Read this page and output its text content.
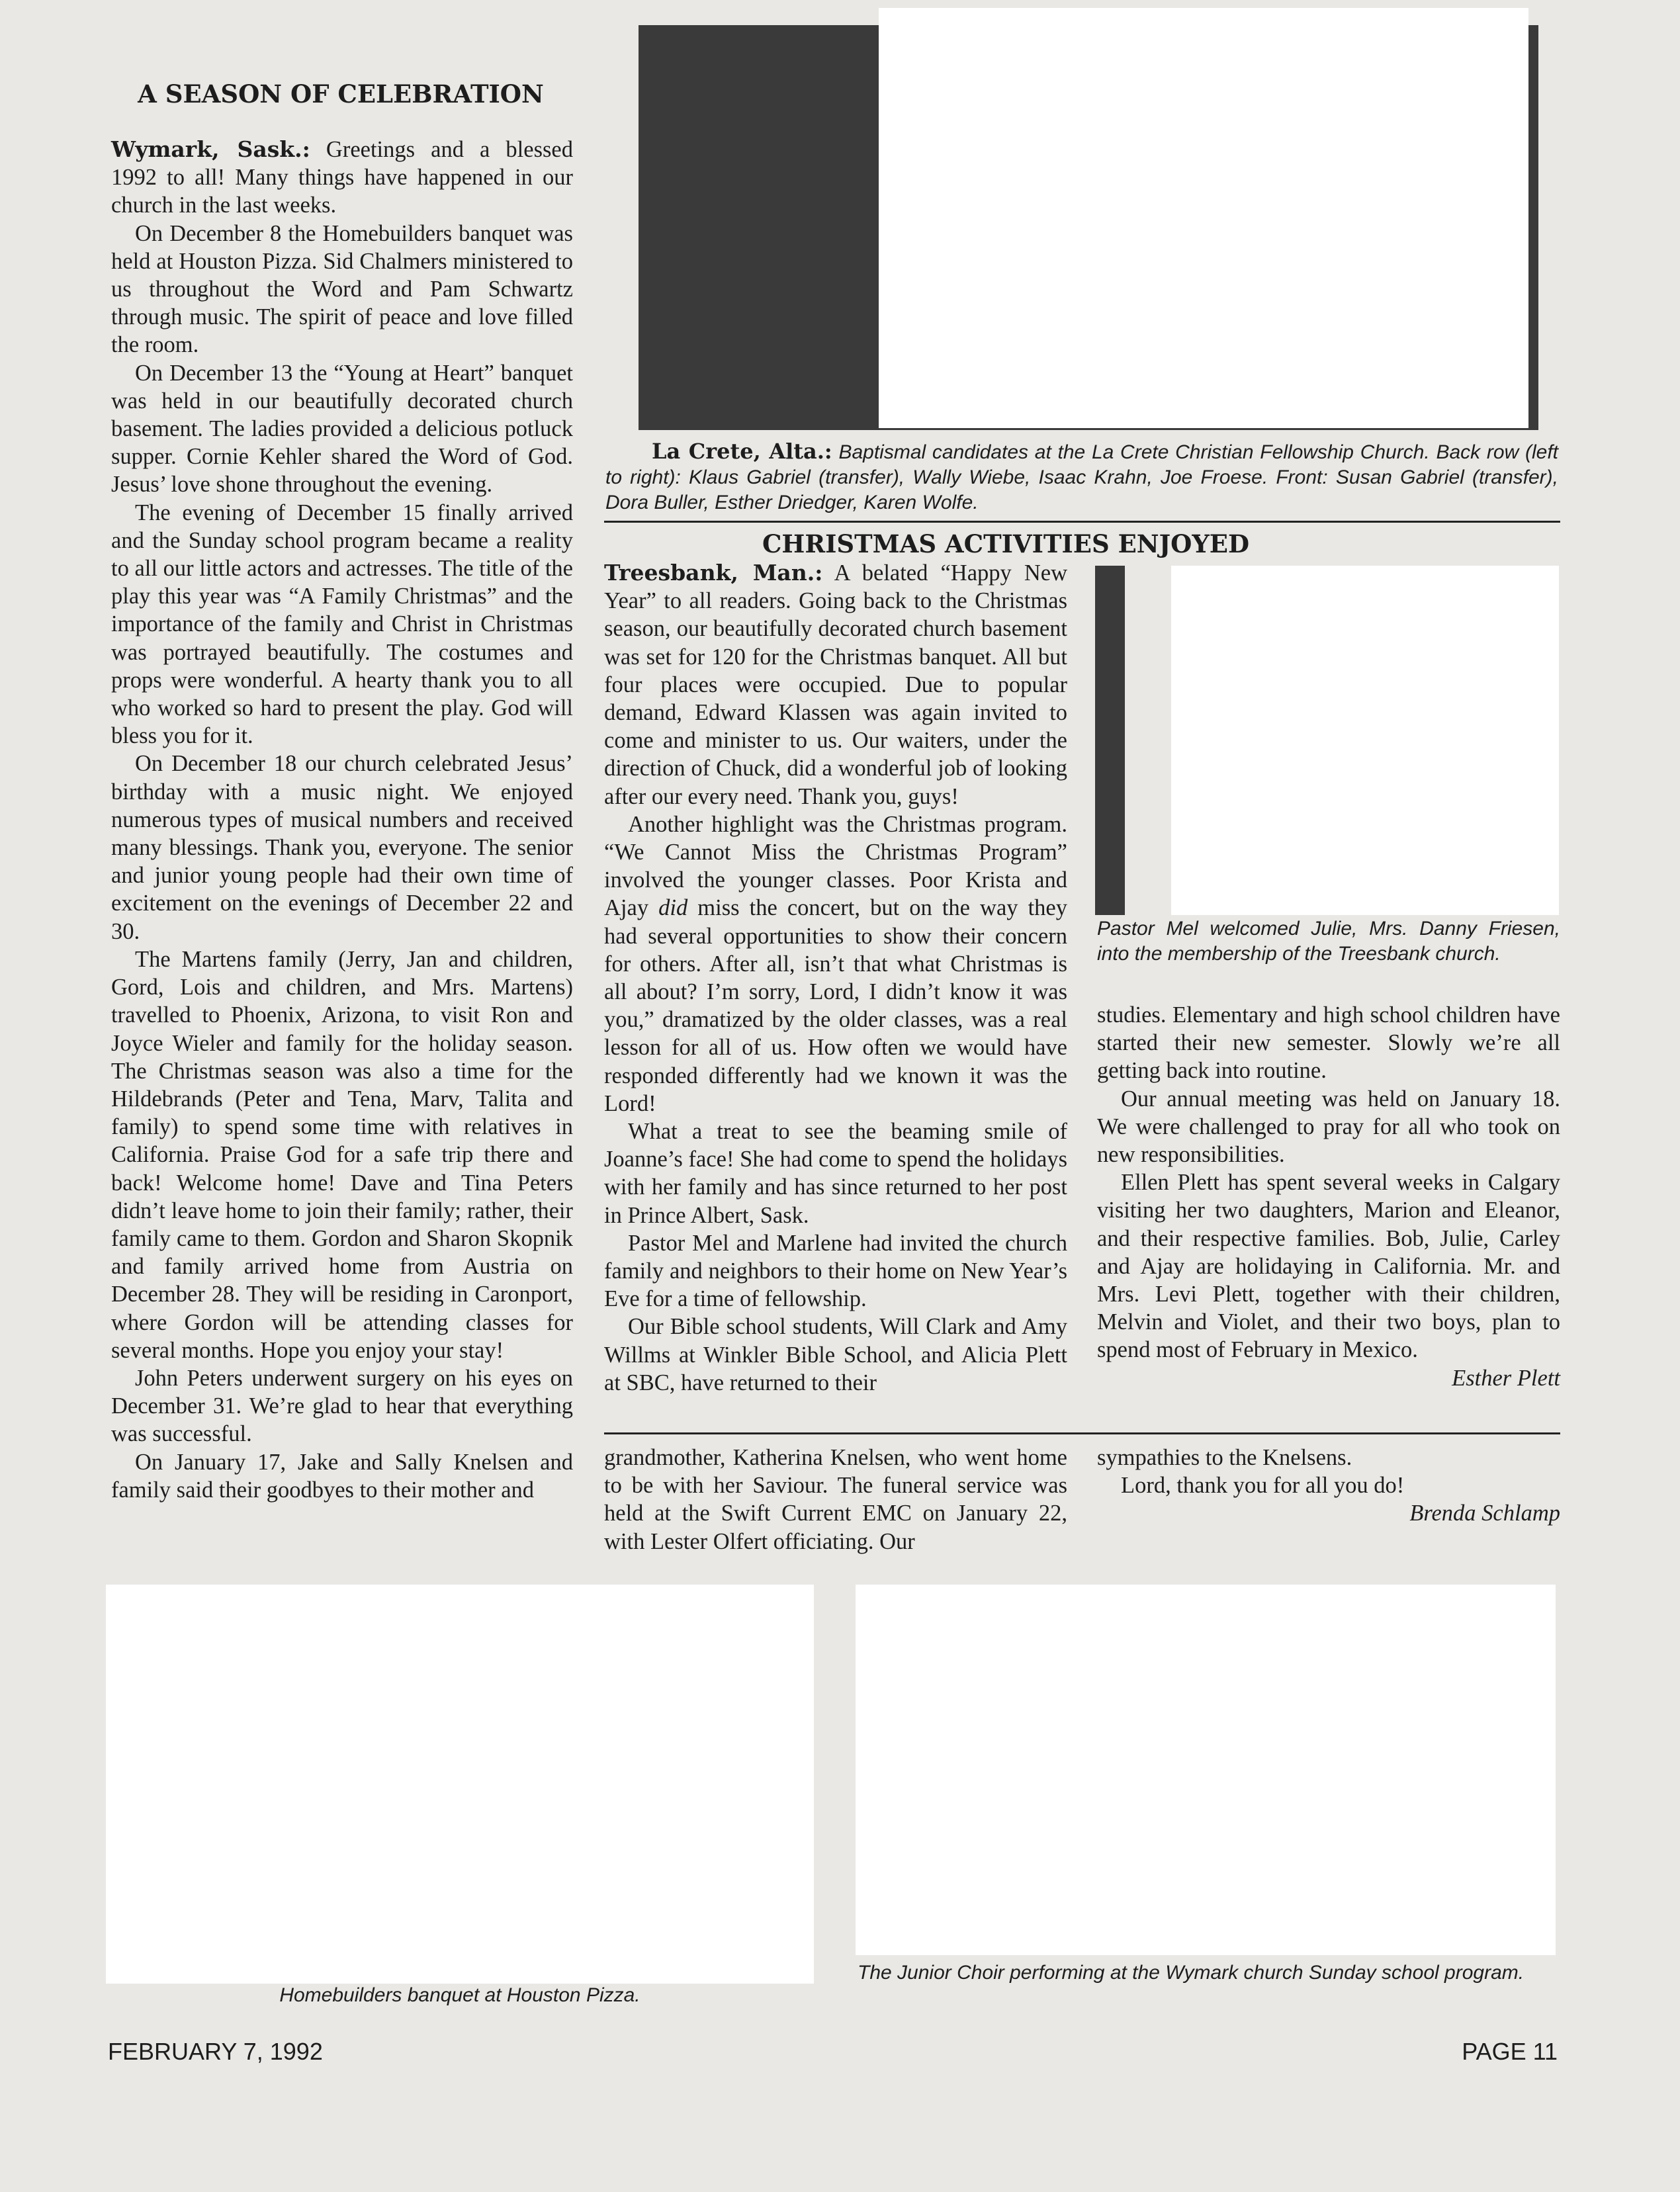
A SEASON OF CELEBRATION

Wymark, Sask.: Greetings and a blessed 1992 to all! Many things have happened in our church in the last weeks.

On December 8 the Homebuilders banquet was held at Houston Pizza. Sid Chalmers ministered to us throughout the Word and Pam Schwartz through music. The spirit of peace and love filled the room.

On December 13 the “Young at Heart” banquet was held in our beautifully decorated church basement. The ladies provided a delicious potluck supper. Cornie Kehler shared the Word of God. Jesus’ love shone throughout the evening.

The evening of December 15 finally arrived and the Sunday school program became a reality to all our little actors and actresses. The title of the play this year was “A Family Christmas” and the importance of the family and Christ in Christmas was portrayed beautifully. The costumes and props were wonderful. A hearty thank you to all who worked so hard to present the play. God will bless you for it.

On December 18 our church celebrated Jesus’ birthday with a music night. We enjoyed numerous types of musical numbers and received many blessings. Thank you, everyone. The senior and junior young people had their own time of excitement on the evenings of December 22 and 30.

The Martens family (Jerry, Jan and children, Gord, Lois and children, and Mrs. Martens) travelled to Phoenix, Arizona, to visit Ron and Joyce Wieler and family for the holiday season. The Christmas season was also a time for the Hildebrands (Peter and Tena, Marv, Talita and family) to spend some time with relatives in California. Praise God for a safe trip there and back! Welcome home! Dave and Tina Peters didn’t leave home to join their family; rather, their family came to them. Gordon and Sharon Skopnik and family arrived home from Austria on December 28. They will be residing in Caronport, where Gordon will be attending classes for several months. Hope you enjoy your stay!

John Peters underwent surgery on his eyes on December 31. We’re glad to hear that everything was successful.

On January 17, Jake and Sally Knelsen and family said their goodbyes to their mother and

La Crete, Alta.: Baptismal candidates at the La Crete Christian Fellowship Church. Back row (left to right): Klaus Gabriel (transfer), Wally Wiebe, Isaac Krahn, Joe Froese. Front: Susan Gabriel (transfer), Dora Buller, Esther Driedger, Karen Wolfe.
CHRISTMAS ACTIVITIES ENJOYED

Treesbank, Man.: A belated “Happy New Year” to all readers. Going back to the Christmas season, our beautifully decorated church basement was set for 120 for the Christmas banquet. All but four places were occupied. Due to popular demand, Edward Klassen was again invited to come and minister to us. Our waiters, under the direction of Chuck, did a wonderful job of looking after our every need. Thank you, guys!

Another highlight was the Christmas program. “We Cannot Miss the Christmas Program” involved the younger classes. Poor Krista and Ajay did miss the concert, but on the way they had several opportunities to show their concern for others. After all, isn’t that what Christmas is all about? I’m sorry, Lord, I didn’t know it was you,” dramatized by the older classes, was a real lesson for all of us. How often we would have responded differently had we known it was the Lord!

What a treat to see the beaming smile of Joanne’s face! She had come to spend the holidays with her family and has since returned to her post in Prince Albert, Sask.

Pastor Mel and Marlene had invited the church family and neighbors to their home on New Year’s Eve for a time of fellowship.

Our Bible school students, Will Clark and Amy Willms at Winkler Bible School, and Alicia Plett at SBC, have returned to their

Pastor Mel welcomed Julie, Mrs. Danny Friesen, into the membership of the Treesbank church.

studies. Elementary and high school children have started their new semester. Slowly we’re all getting back into routine.

Our annual meeting was held on January 18. We were challenged to pray for all who took on new responsibilities.

Ellen Plett has spent several weeks in Calgary visiting her two daughters, Marion and Eleanor, and their respective families. Bob, Julie, Carley and Ajay are holidaying in California. Mr. and Mrs. Levi Plett, together with their children, Melvin and Violet, and their two boys, plan to spend most of February in Mexico.

Esther Plett

grandmother, Katherina Knelsen, who went home to be with her Saviour. The funeral service was held at the Swift Current EMC on January 22, with Lester Olfert officiating. Our

sympathies to the Knelsens.

Lord, thank you for all you do!

Brenda Schlamp

Homebuilders banquet at Houston Pizza.
The Junior Choir performing at the Wymark church Sunday school program.
FEBRUARY 7, 1992	PAGE 11
